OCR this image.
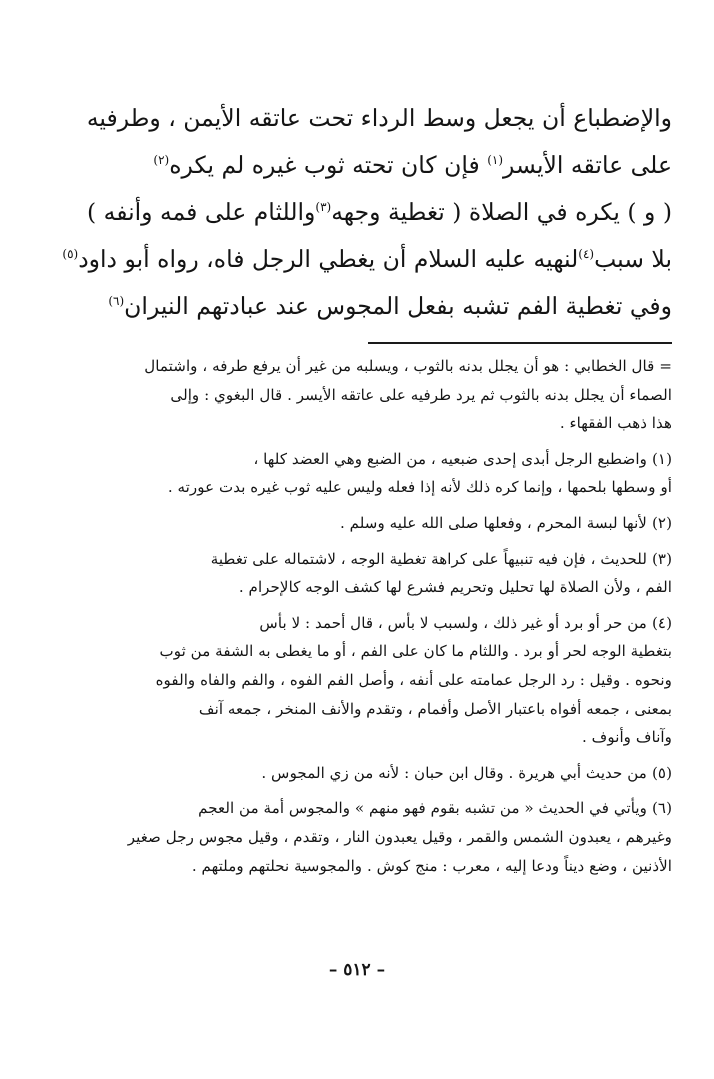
والإضطباع أن يجعل وسط الرداء تحت عاتقه الأيمن ، وطرفيه
على عاتقه الأيسر$^{(١)}$ فإن كان تحته ثوب غيره لم يكره$^{(٢)}$
( و ) يكره في الصلاة ( تغطية وجهه$^{(٣)}$واللثام على فمه وأنفه )
بلا سبب$^{(٤)}$لنهيه عليه السلام أن يغطي الرجل فاه، رواه أبو داود$^{(٥)}$
وفي تغطية الفم تشبه بفعل المجوس عند عبادتهم النيران$^{(٦)}$
= قال الخطابي : هو أن يجلل بدنه بالثوب ، ويسلبه من غير أن يرفع طرفه ، واشتمال
الصماء أن يجلل بدنه بالثوب ثم يرد طرفيه على عاتقه الأيسر . قال البغوي : وإلى
هذا ذهب الفقهاء .
(١)واضطبع الرجل أبدى إحدى ضبعيه ، من الضبع وهي العضد كلها ،
أو وسطها بلحمها ، وإنما كره ذلك لأنه إذا فعله وليس عليه ثوب غيره بدت عورته .
(٢)لأنها لبسة المحرم ، وفعلها صلى الله عليه وسلم .
(٣)للحديث ، فإن فيه تنبيهاً على كراهة تغطية الوجه ، لاشتماله على تغطية
الفم ، ولأن الصلاة لها تحليل وتحريم فشرع لها كشف الوجه كالإحرام .
(٤)من حر أو برد أو غير ذلك ، ولسبب لا بأس ، قال أحمد : لا بأس
بتغطية الوجه لحر أو برد . واللثام ما كان على الفم ، أو ما يغطى به الشفة من ثوب
ونحوه . وقيل : رد الرجل عمامته على أنفه ، وأصل الفم الفوه ، والفم والفاه والفوه
بمعنى ، جمعه أفواه باعتبار الأصل وأفمام ، وتقدم والأنف المنخر ، جمعه آنف
وآناف وأنوف .
(٥)من حديث أبي هريرة . وقال ابن حبان : لأنه من زي المجوس .
(٦)ويأتي في الحديث « من تشبه بقوم فهو منهم » والمجوس أمة من العجم
وغيرهم ، يعبدون الشمس والقمر ، وقيل يعبدون النار ، وتقدم ، وقيل مجوس رجل صغير
الأذنين ، وضع ديناً ودعا إليه ، معرب : منج كوش . والمجوسية نحلتهم وملتهم .
– ٥١٢ –
